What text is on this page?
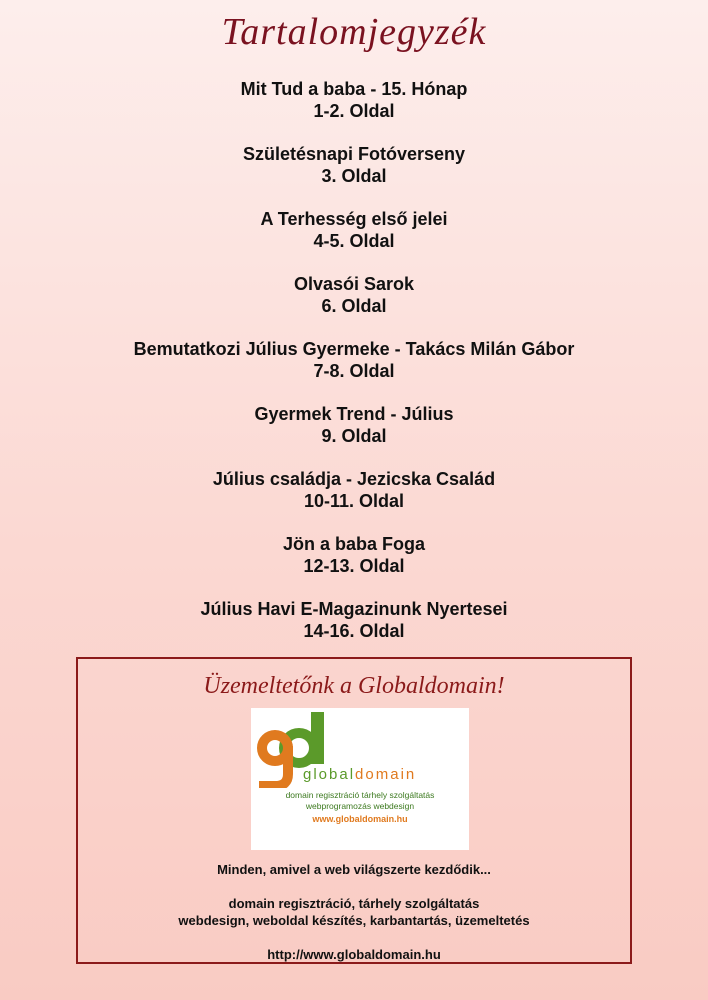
Tartalomjegyzék
Mit Tud a baba - 15. Hónap
1-2. Oldal
Születésnapi Fotóverseny
3. Oldal
A Terhesség első jelei
4-5. Oldal
Olvasói Sarok
6. Oldal
Bemutatkozi Július Gyermeke - Takács Milán Gábor
7-8. Oldal
Gyermek Trend - Július
9. Oldal
Július családja - Jezicska Család
10-11. Oldal
Jön a baba Foga
12-13. Oldal
Július Havi E-Magazinunk Nyertesei
14-16. Oldal
Üzemeltetőnk a Globaldomain!
globaldomain
domain regisztráció tárhely szolgáltatás
webprogramozás webdesign
www.globaldomain.hu
Minden, amivel a web világszerte kezdődik...
domain regisztráció, tárhely szolgáltatás
webdesign, weboldal készítés, karbantartás, üzemeltetés
http://www.globaldomain.hu
